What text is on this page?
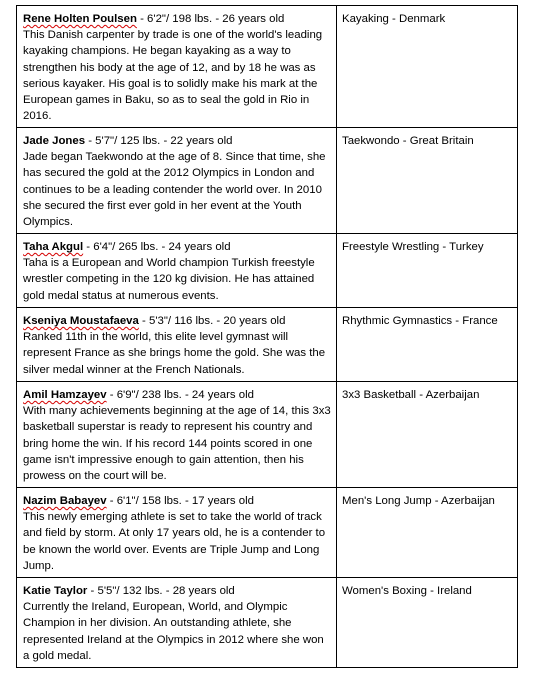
Rene Holten Poulsen - 6'2"/ 198 lbs. - 26 years old
This Danish carpenter by trade is one of the world's leading kayaking champions. He began kayaking as a way to strengthen his body at the age of 12, and by 18 he was as serious kayaker. His goal is to solidly make his mark at the European games in Baku, so as to seal the gold in Rio in 2016.	Kayaking - Denmark
Jade Jones - 5'7"/ 125 lbs. - 22 years old
Jade began Taekwondo at the age of 8. Since that time, she has secured the gold at the 2012 Olympics in London and continues to be a leading contender the world over. In 2010 she secured the first ever gold in her event at the Youth Olympics.	Taekwondo - Great Britain
Taha Akgul - 6'4"/ 265 lbs. - 24 years old
Taha is a European and World champion Turkish freestyle wrestler competing in the 120 kg division. He has attained gold medal status at numerous events.	Freestyle Wrestling - Turkey
Kseniya Moustafaeva - 5'3"/ 116 lbs. - 20 years old
Ranked 11th in the world, this elite level gymnast will represent France as she brings home the gold. She was the silver medal winner at the French Nationals.	Rhythmic Gymnastics - France
Amil Hamzayev - 6'9"/ 238 lbs. - 24 years old
With many achievements beginning at the age of 14, this 3x3 basketball superstar is ready to represent his country and bring home the win. If his record 144 points scored in one game isn't impressive enough to gain attention, then his prowess on the court will be.	3x3 Basketball - Azerbaijan
Nazim Babayev - 6'1"/ 158 lbs. - 17 years old
This newly emerging athlete is set to take the world of track and field by storm. At only 17 years old, he is a contender to be known the world over. Events are Triple Jump and Long Jump.	Men's Long Jump - Azerbaijan
Katie Taylor - 5'5"/ 132 lbs. - 28 years old
Currently the Ireland, European, World, and Olympic Champion in her division. An outstanding athlete, she represented Ireland at the Olympics in 2012 where she won a gold medal.	Women's Boxing - Ireland
